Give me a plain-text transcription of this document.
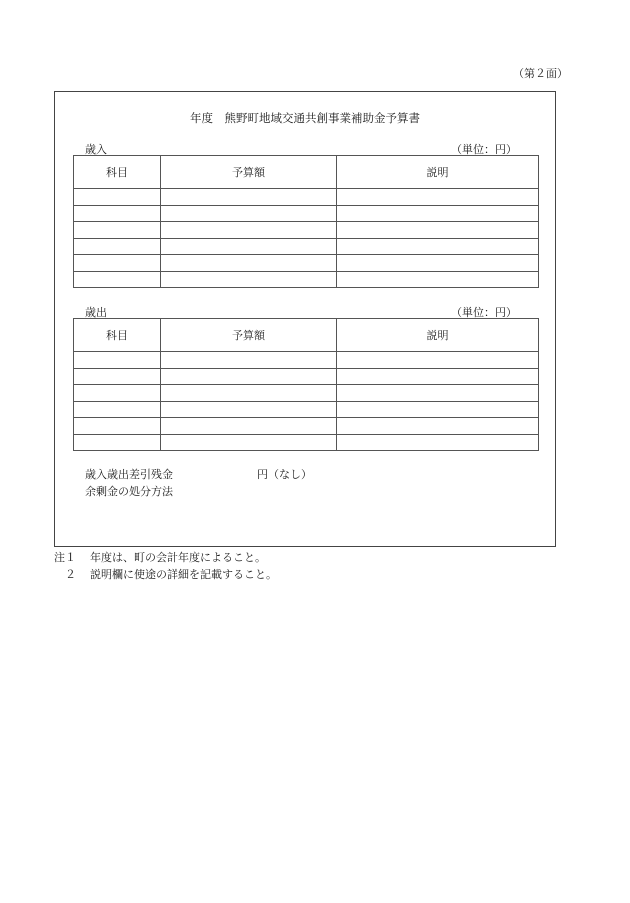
（第２面）
年度　熊野町地域交通共創事業補助金予算書
歳入	（単位：円）
科目	予算額	説明

歳出	（単位：円）
科目	予算額	説明

歳入歳出差引残金	円（なし）
余剰金の処分方法
注１ 年度は、町の会計年度によること。
　２ 説明欄に使途の詳細を記載すること。
